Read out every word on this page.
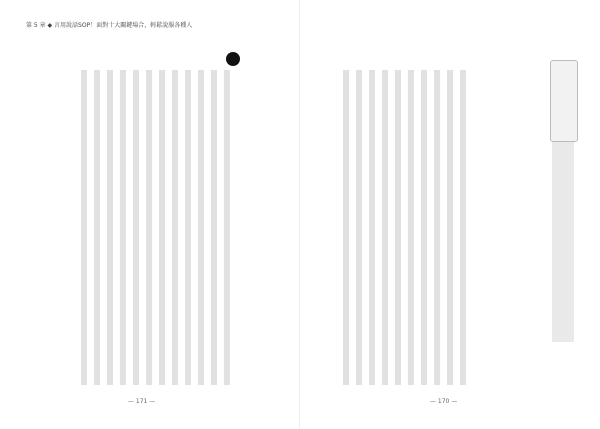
第 5 章 ◆ 言用說話SOP！面對十大關鍵場合，輕鬆說服各種人
— 171 —	— 170 —
